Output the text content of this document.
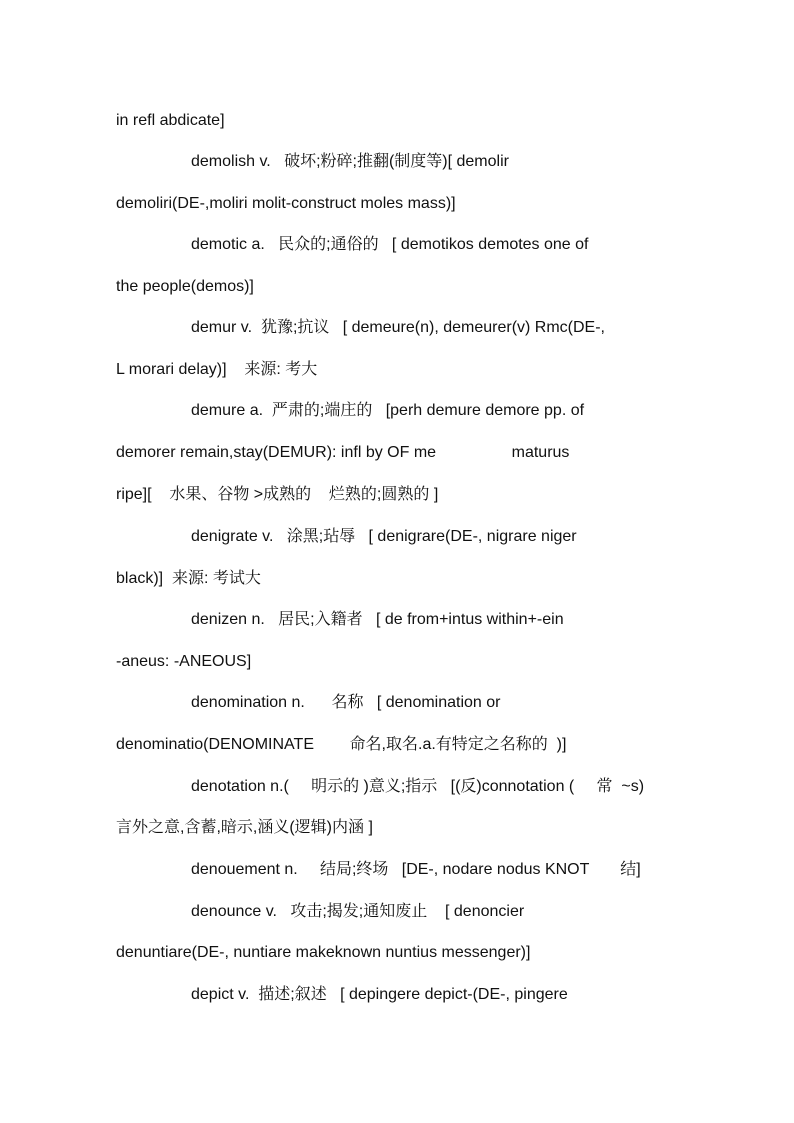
in refl abdicate]
demolish v.   破坏;粉碎;推翻(制度等)[ demolir
demoliri(DE-,moliri molit-construct moles mass)]
demotic a.   民众的;通俗的   [ demotikos demotes one of
the people(demos)]
demur v.  犹豫;抗议   [ demeure(n), demeurer(v) Rmc(DE-,
L morari delay)]    来源: 考大
demure a.  严肃的;端庄的   [perh demure demore pp. of
demorer remain,stay(DEMUR): infl by OF me                 maturus
ripe][    水果、谷物 >成熟的    烂熟的;圆熟的 ]
denigrate v.   涂黑;玷辱   [ denigrare(DE-, nigrare niger
black)]  来源: 考试大
denizen n.   居民;入籍者   [ de from+intus within+-ein
-aneus: -ANEOUS]
denomination n.      名称   [ denomination or
denominatio(DENOMINATE        命名,取名.a.有特定之名称的  )]
denotation n.(     明示的 )意义;指示   [(反)connotation (     常  ~s)
言外之意,含蓄,暗示,涵义(逻辑)内涵 ]
denouement n.     结局;终场   [DE-, nodare nodus KNOT       结]
denounce v.   攻击;揭发;通知废止    [ denoncier
denuntiare(DE-, nuntiare makeknown nuntius messenger)]
depict v.  描述;叙述   [ depingere depict-(DE-, pingere
